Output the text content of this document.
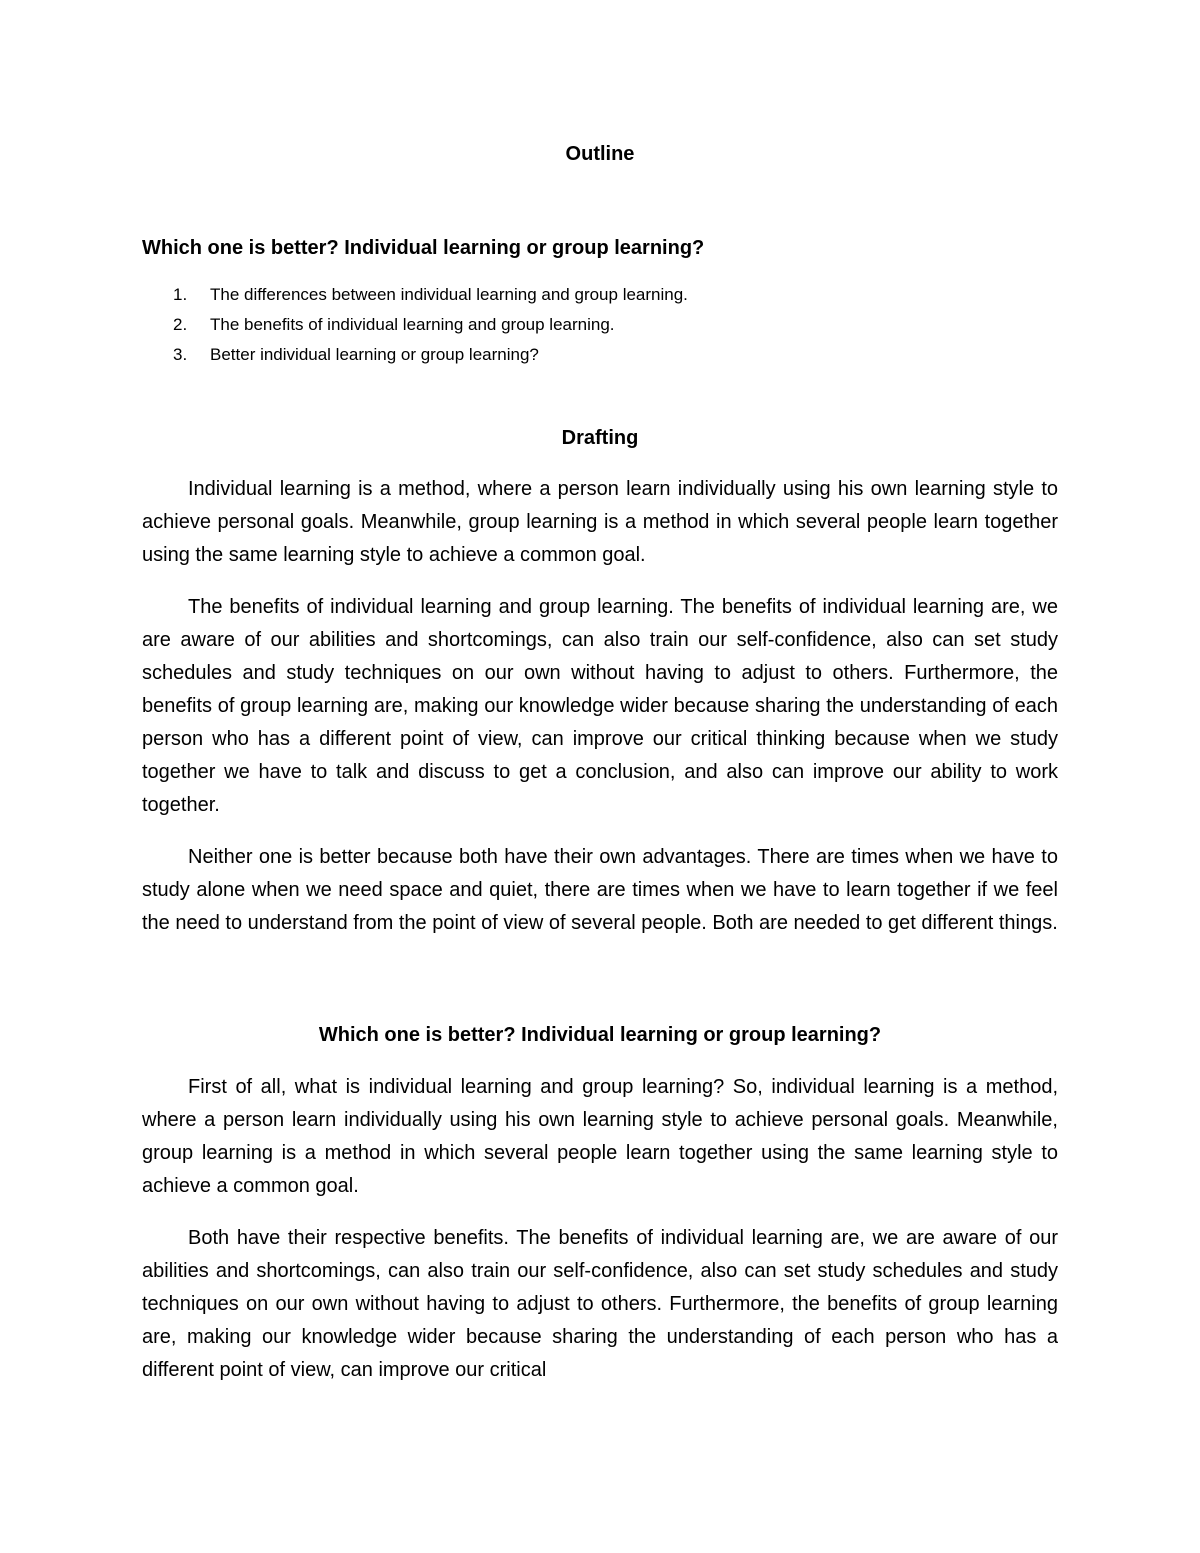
Outline
Which one is better? Individual learning or group learning?
1. The differences between individual learning and group learning.
2. The benefits of individual learning and group learning.
3. Better individual learning or group learning?
Drafting

Individual learning is a method, where a person learn individually using his own learning style to achieve personal goals. Meanwhile, group learning is a method in which several people learn together using the same learning style to achieve a common goal.

The benefits of individual learning and group learning. The benefits of individual learning are, we are aware of our abilities and shortcomings, can also train our self-confidence, also can set study schedules and study techniques on our own without having to adjust to others. Furthermore, the benefits of group learning are, making our knowledge wider because sharing the understanding of each person who has a different point of view, can improve our critical thinking because when we study together we have to talk and discuss to get a conclusion, and also can improve our ability to work together.

Neither one is better because both have their own advantages. There are times when we have to study alone when we need space and quiet, there are times when we have to learn together if we feel the need to understand from the point of view of several people. Both are needed to get different things.

Which one is better? Individual learning or group learning?

First of all, what is individual learning and group learning? So, individual learning is a method, where a person learn individually using his own learning style to achieve personal goals. Meanwhile, group learning is a method in which several people learn together using the same learning style to achieve a common goal.

Both have their respective benefits. The benefits of individual learning are, we are aware of our abilities and shortcomings, can also train our self-confidence, also can set study schedules and study techniques on our own without having to adjust to others. Furthermore, the benefits of group learning are, making our knowledge wider because sharing the understanding of each person who has a different point of view, can improve our critical
